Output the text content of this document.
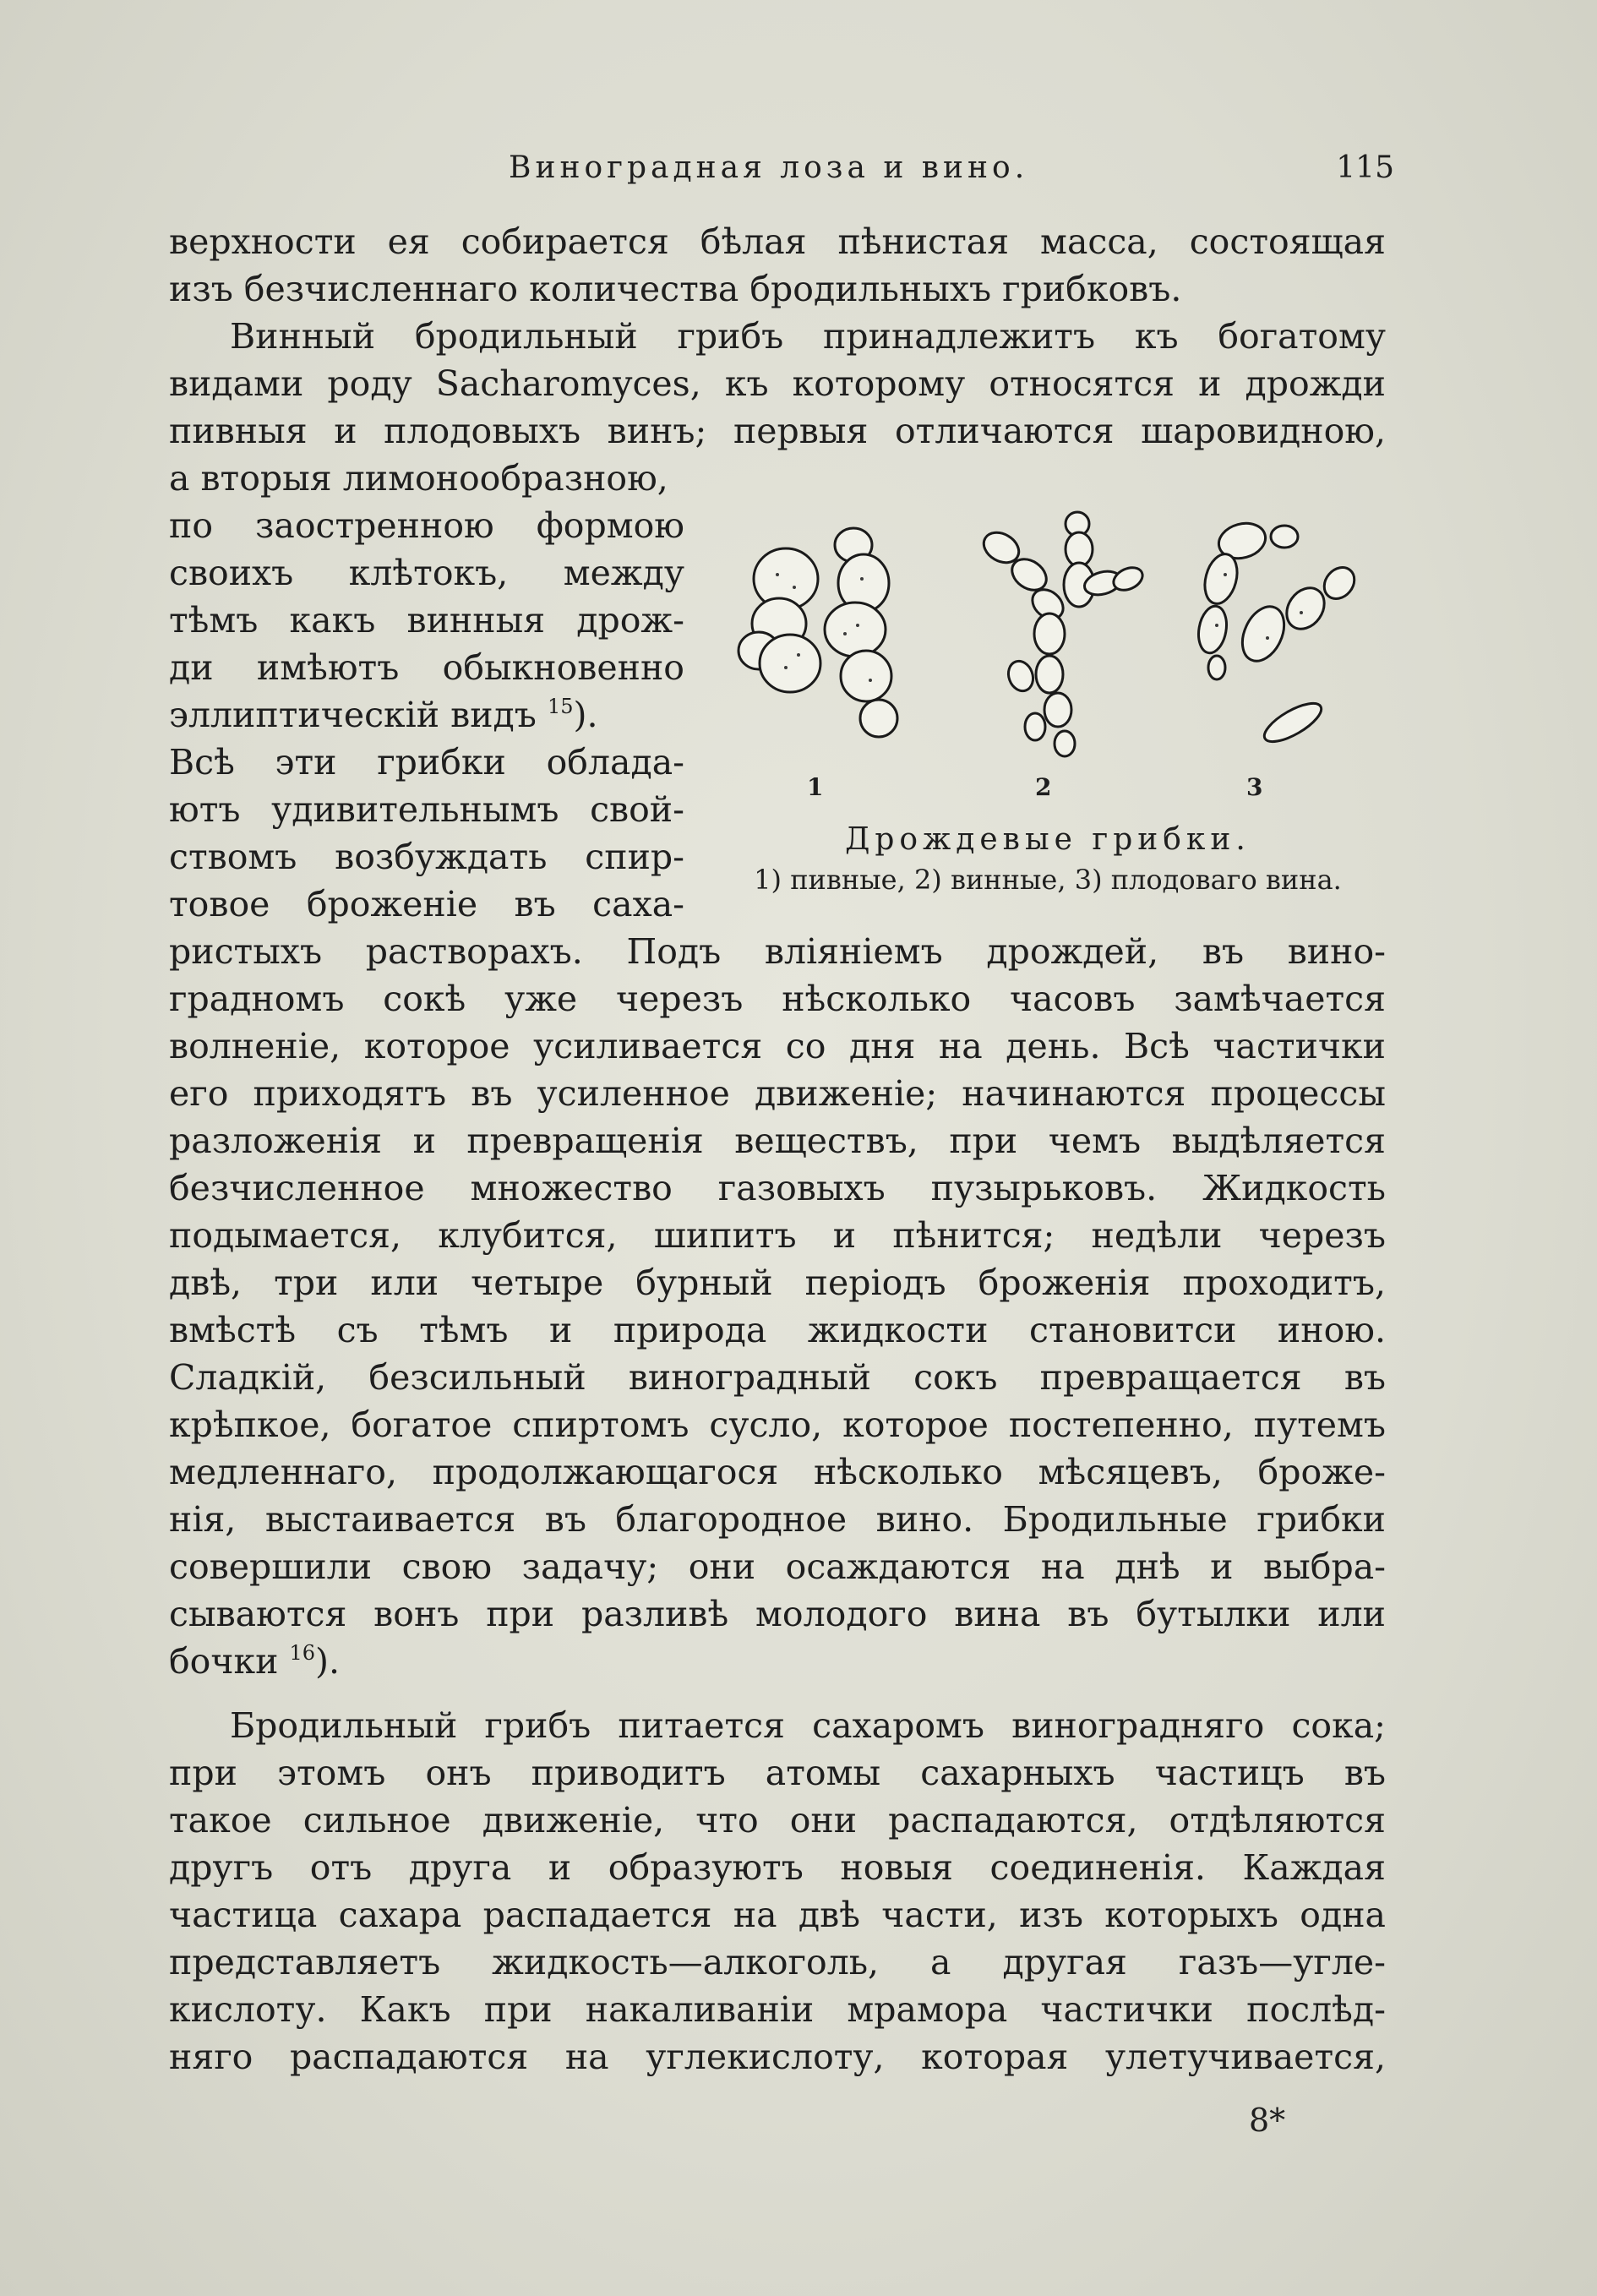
Виноградная лоза и вино.	115
верхности ея собирается бѣлая пѣнистая масса, состоящая
изъ безчисленнаго количества бродильныхъ грибковъ.
Винный бродильный грибъ принадлежитъ къ богатому
видами роду Sacharomyces, къ которому относятся и дрожди
пивныя и плодовыхъ винъ; первыя отличаются шаровидною,
а вторыя лимонообразною,
по заостренною формою
своихъ клѣтокъ, между
тѣмъ какъ винныя дрож-
ди имѣютъ обыкновенно
эллиптическій видъ $^{15}$).
Всѣ эти грибки облада-
ютъ удивительнымъ свой-
ствомъ возбуждать спир-
товое броженіе въ саха-
ристыхъ растворахъ. Подъ вліяніемъ дрождей, въ вино-
градномъ сокѣ уже черезъ нѣсколько часовъ замѣчается
волненіе, которое усиливается со дня на день. Всѣ частички
его приходятъ въ усиленное движеніе; начинаются процессы
разложенія и превращенія веществъ, при чемъ выдѣляется
безчисленное множество газовыхъ пузырьковъ. Жидкость
подымается, клубится, шипитъ и пѣнится; недѣли черезъ
двѣ, три или четыре бурный періодъ броженія проходитъ,
вмѣстѣ съ тѣмъ и природа жидкости становитcи иною.
Сладкій, безсильный виноградный сокъ превращается въ
крѣпкое, богатое спиртомъ сусло, которое постепенно, путемъ
медленнаго, продолжающагося нѣсколько мѣсяцевъ, броже-
нія, выстаивается въ благородное вино. Бродильные грибки
совершили свою задачу; они осаждаются на днѣ и выбра-
сываются вонъ при разливѣ молодого вина въ бутылки или
бочки $^{16}$).
Бродильный грибъ питается сахаромъ виноградняго сока;
при этомъ онъ приводитъ атомы сахарныхъ частицъ въ
такое сильное движеніе, что они распадаются, отдѣляются
другъ отъ друга и образуютъ новыя соединенія. Каждая
частица сахара распадается на двѣ части, изъ которыхъ одна
представляетъ жидкость—алкоголь, а другая газъ—угле-
кислоту. Какъ при накаливанiи мрамора частички послѣд-
няго распадаются на углекислоту, которая улетучивается,
1	2	3
Дрождевые грибки.
1) пивные, 2) винные, 3) плодоваго вина.
8*
